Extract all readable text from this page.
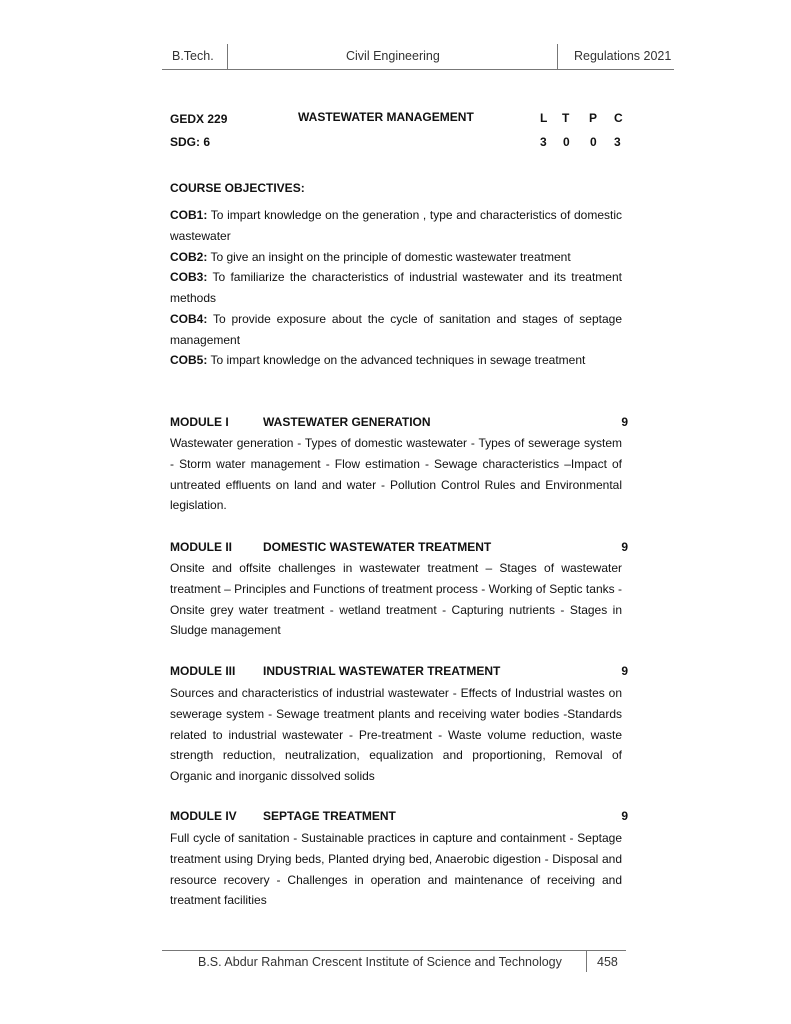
B.Tech.	Civil Engineering	Regulations 2021
GEDX 229	WASTEWATER MANAGEMENT
SDG: 6
L T P C
3 0 0 3
COURSE OBJECTIVES:
COB1: To impart knowledge on the generation , type and characteristics of domestic wastewater
COB2: To give an insight on the principle of domestic wastewater treatment
COB3: To familiarize the characteristics of industrial wastewater and its treatment methods
COB4: To provide exposure about the cycle of sanitation and stages of septage management
COB5: To impart knowledge on the advanced techniques in sewage treatment
MODULE I	WASTEWATER GENERATION	9
Wastewater generation - Types of domestic wastewater - Types of sewerage system - Storm water management - Flow estimation - Sewage characteristics –Impact of untreated effluents on land and water - Pollution Control Rules and Environmental legislation.
MODULE II	DOMESTIC WASTEWATER TREATMENT	9
Onsite and offsite challenges in wastewater treatment – Stages of wastewater treatment – Principles and Functions of treatment process - Working of Septic tanks - Onsite grey water treatment - wetland treatment - Capturing nutrients - Stages in Sludge management
MODULE III INDUSTRIAL WASTEWATER TREATMENT	9
Sources and characteristics of industrial wastewater - Effects of Industrial wastes on sewerage system - Sewage treatment plants and receiving water bodies -Standards related to industrial wastewater - Pre-treatment - Waste volume reduction, waste strength reduction, neutralization, equalization and proportioning, Removal of Organic and inorganic dissolved solids
MODULE IV SEPTAGE TREATMENT	9
Full cycle of sanitation - Sustainable practices in capture and containment - Septage treatment using Drying beds, Planted drying bed, Anaerobic digestion - Disposal and resource recovery - Challenges in operation and maintenance of receiving and treatment facilities
B.S. Abdur Rahman Crescent Institute of Science and Technology	458
